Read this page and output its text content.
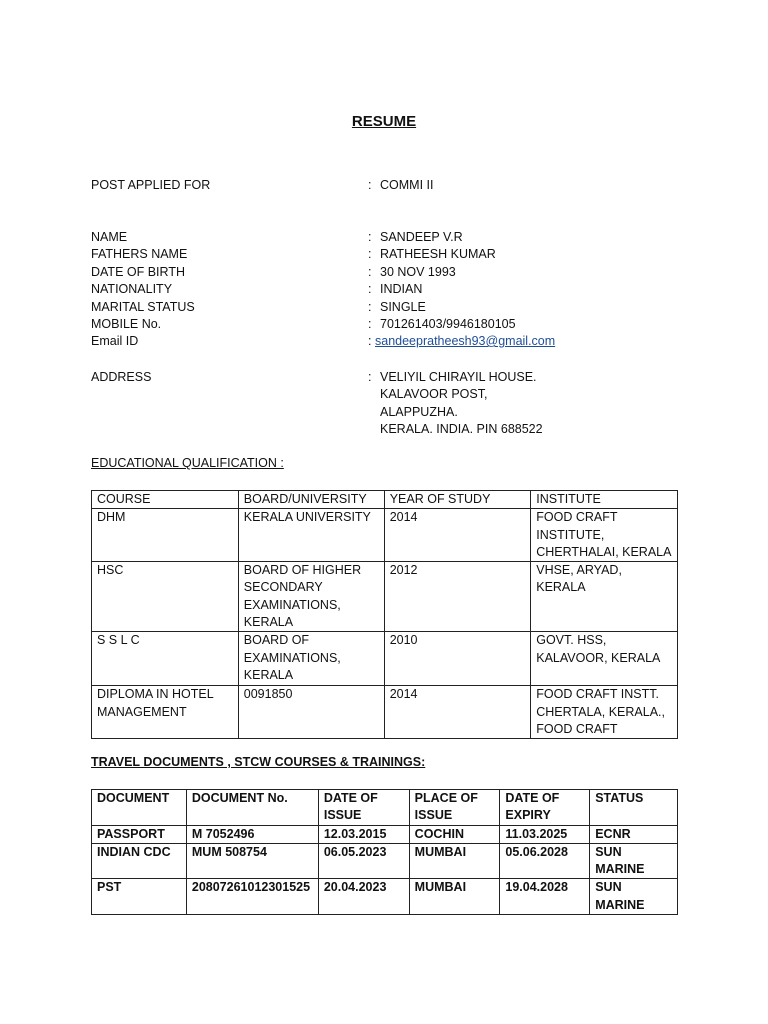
RESUME
POST APPLIED FOR	: COMMI II
NAME	: SANDEEP V.R
FATHERS NAME	: RATHEESH KUMAR
DATE OF BIRTH	: 30 NOV 1993
NATIONALITY	: INDIAN
MARITAL STATUS	: SINGLE
MOBILE No.	: 701261403/9946180105
Email ID	: sandeepratheesh93@gmail.com
ADDRESS	: VELIYIL CHIRAYIL HOUSE.
KALAVOOR POST,
ALAPPUZHA.
KERALA. INDIA. PIN 688522
EDUCATIONAL QUALIFICATION :
COURSE	BOARD/UNIVERSITY	YEAR OF STUDY	INSTITUTE
DHM	KERALA UNIVERSITY	2014	FOOD CRAFT INSTITUTE, CHERTHALAI, KERALA
HSC	BOARD OF HIGHER SECONDARY EXAMINATIONS, KERALA	2012	VHSE, ARYAD, KERALA
S S L C	BOARD OF EXAMINATIONS, KERALA	2010	GOVT. HSS, KALAVOOR, KERALA
DIPLOMA IN HOTEL MANAGEMENT	0091850	2014	FOOD CRAFT INSTT. CHERTALA, KERALA., FOOD CRAFT
TRAVEL DOCUMENTS , STCW COURSES & TRAININGS:
DOCUMENT	DOCUMENT No.	DATE OF ISSUE	PLACE OF ISSUE	DATE OF EXPIRY	STATUS
PASSPORT	M 7052496	12.03.2015	COCHIN	11.03.2025	ECNR
INDIAN CDC	MUM 508754	06.05.2023	MUMBAI	05.06.2028	SUN MARINE
PST	20807261012301525	20.04.2023	MUMBAI	19.04.2028	SUN MARINE
